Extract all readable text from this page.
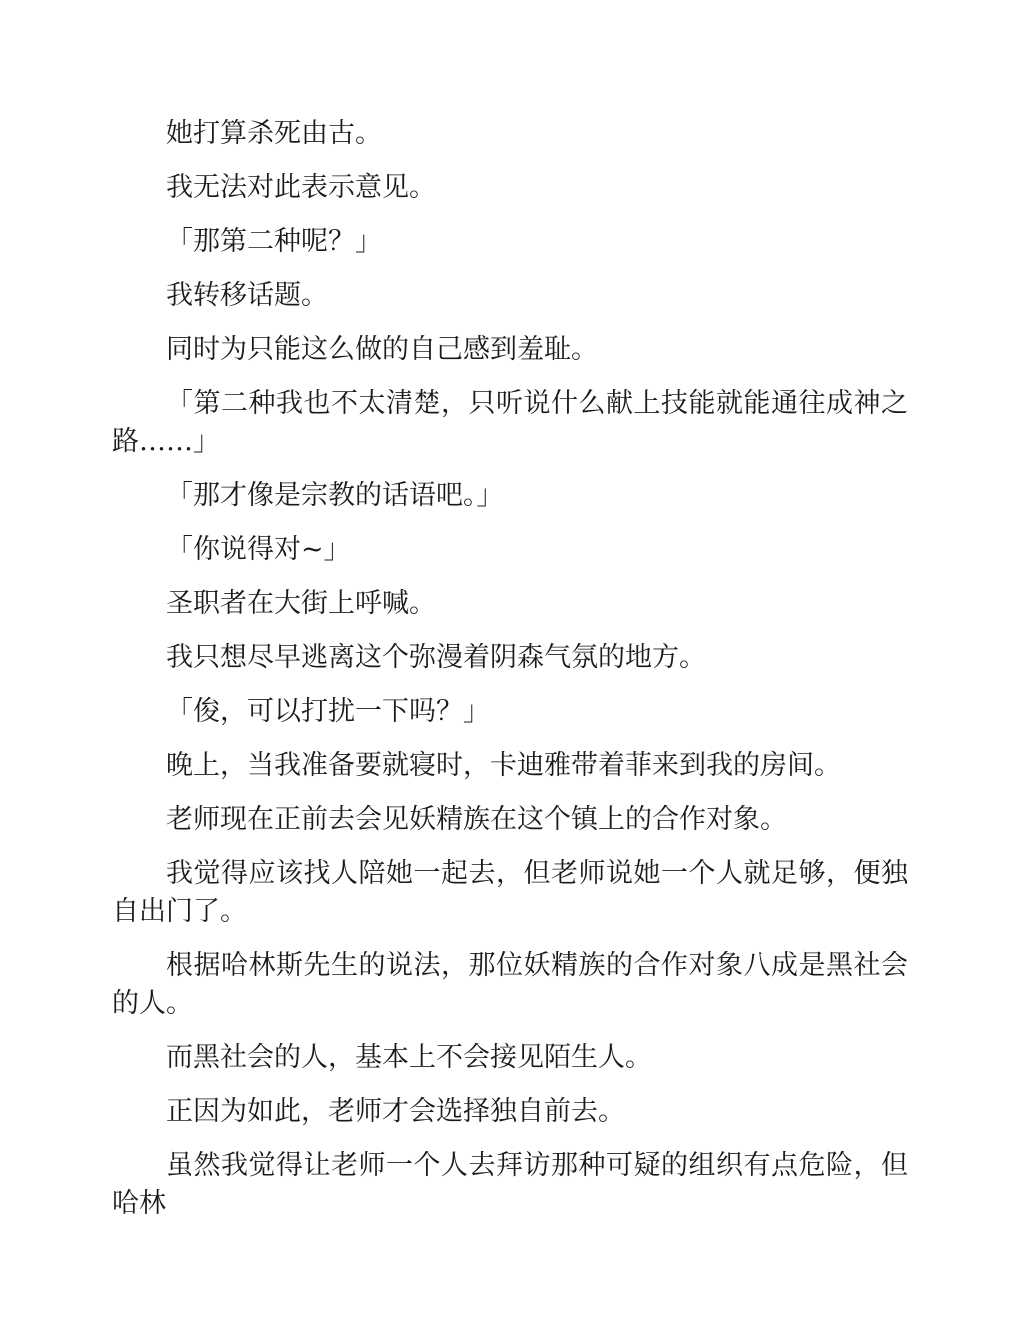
她打算杀死由古。

我无法对此表示意见。

「那第二种呢？」

我转移话题。

同时为只能这么做的自己感到羞耻。

「第二种我也不太清楚，只听说什么献上技能就能通往成神之路……」

「那才像是宗教的话语吧。」

「你说得对~」

圣职者在大街上呼喊。

我只想尽早逃离这个弥漫着阴森气氛的地方。

「俊，可以打扰一下吗？」

晚上，当我准备要就寝时，卡迪雅带着菲来到我的房间。

老师现在正前去会见妖精族在这个镇上的合作对象。

我觉得应该找人陪她一起去，但老师说她一个人就足够，便独自出门了。

根据哈林斯先生的说法，那位妖精族的合作对象八成是黑社会的人。

而黑社会的人，基本上不会接见陌生人。

正因为如此，老师才会选择独自前去。

虽然我觉得让老师一个人去拜访那种可疑的组织有点危险，但哈林
